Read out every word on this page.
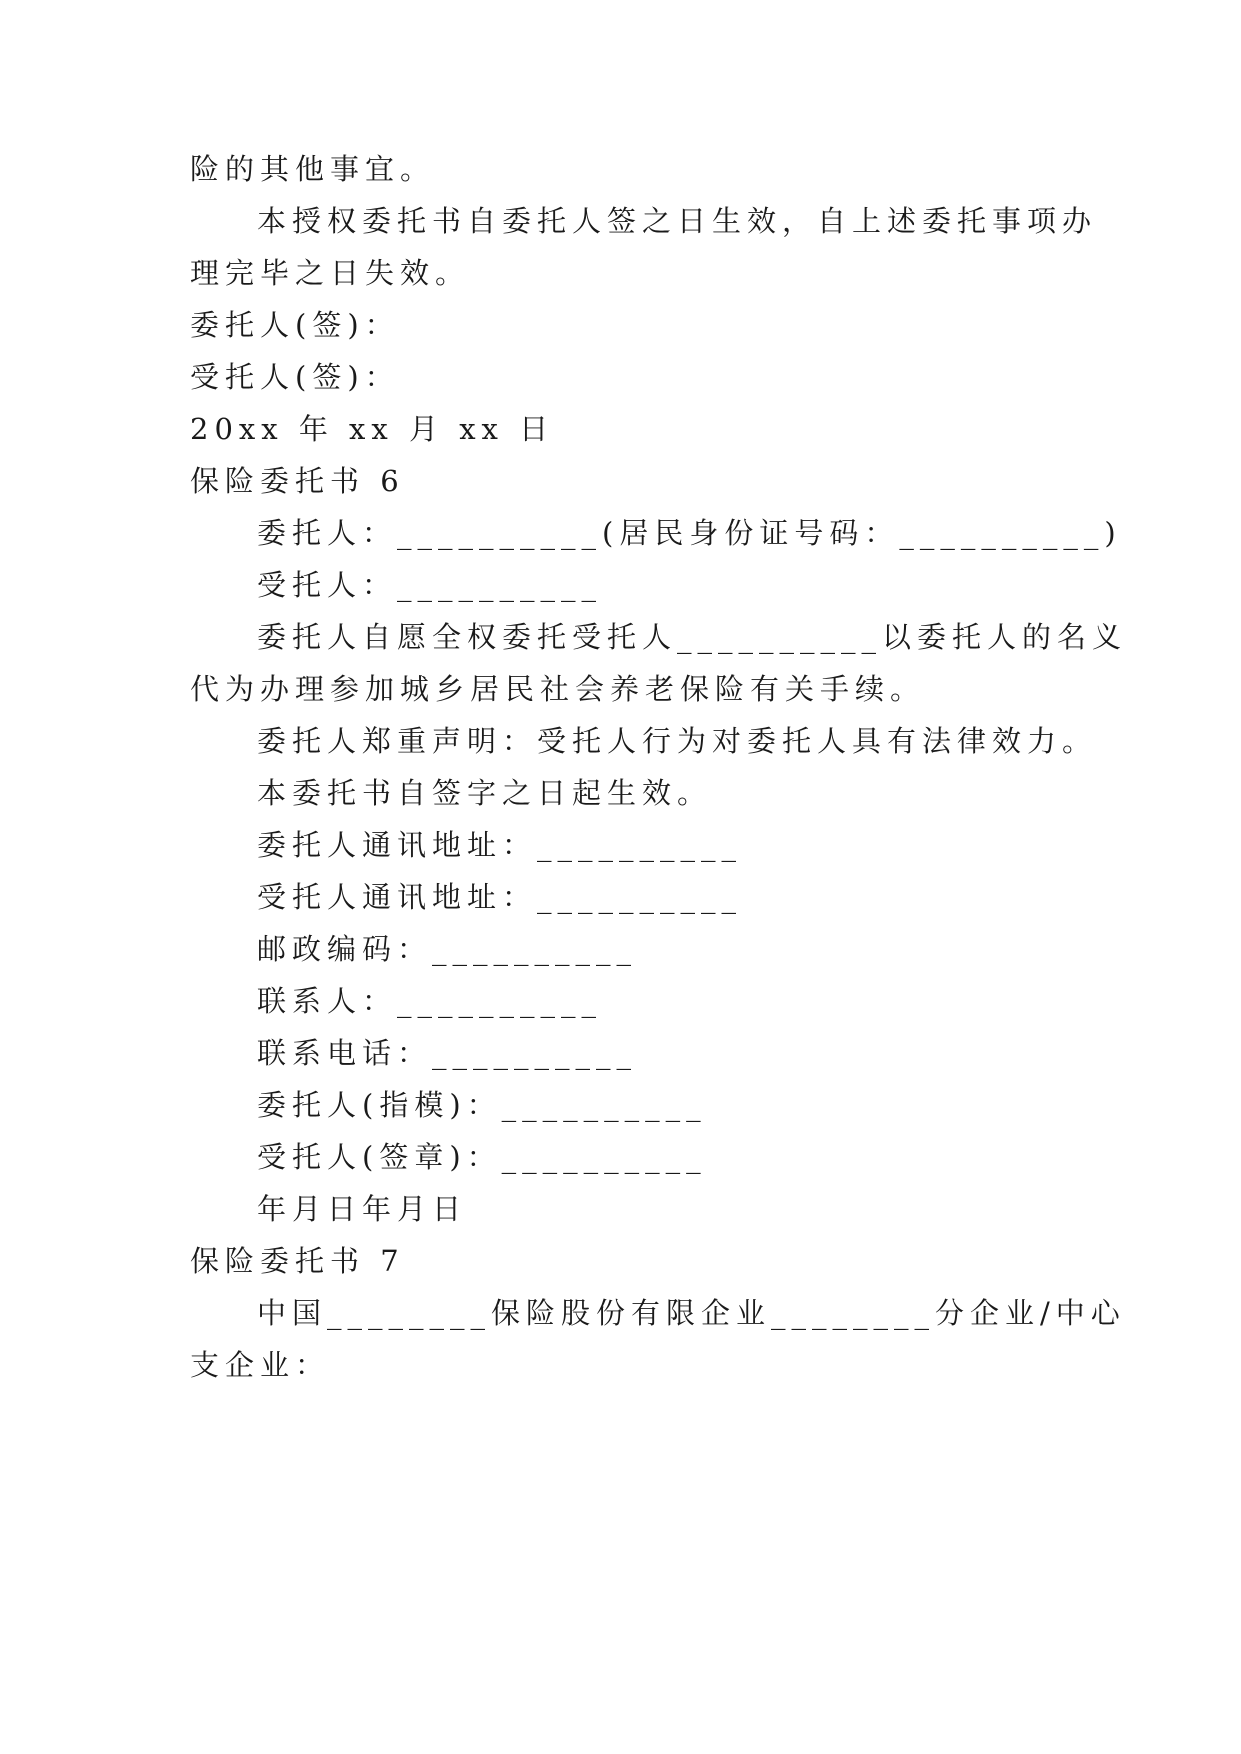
险的其他事宜。
本授权委托书自委托人签之日生效，自上述委托事项办
理完毕之日失效。
委托人(签)：
受托人(签)：
20xx 年 xx 月 xx 日
保险委托书 6
委托人：__________(居民身份证号码：__________)
受托人：__________
委托人自愿全权委托受托人__________以委托人的名义
代为办理参加城乡居民社会养老保险有关手续。
委托人郑重声明：受托人行为对委托人具有法律效力。
本委托书自签字之日起生效。
委托人通讯地址：__________
受托人通讯地址：__________
邮政编码：__________
联系人：__________
联系电话：__________
委托人(指模)：__________
受托人(签章)：__________
年月日年月日
保险委托书 7
中国________保险股份有限企业________分企业/中心
支企业：
